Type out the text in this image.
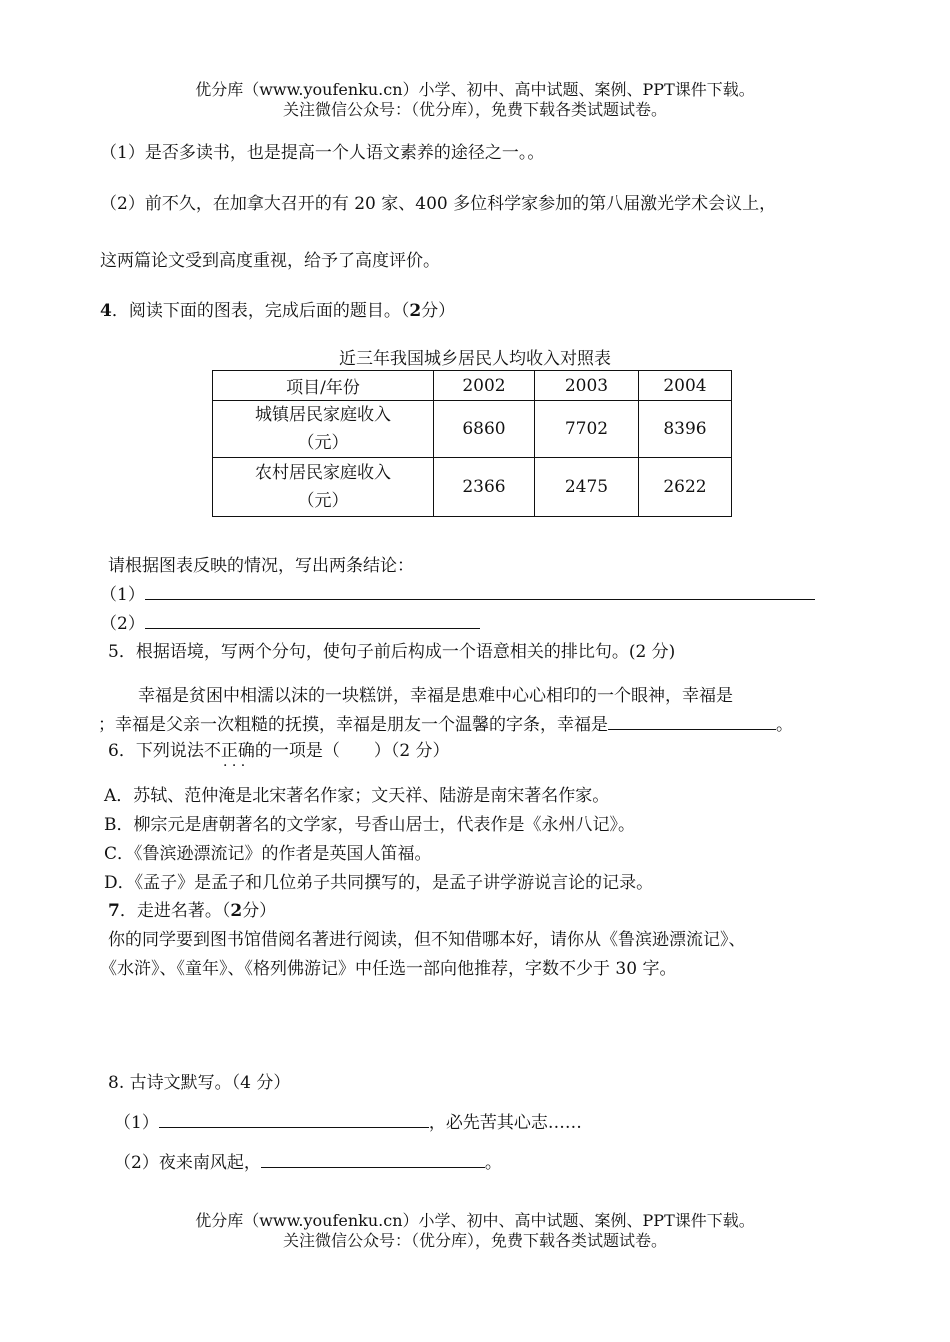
优分库（www.youfenku.cn）小学、初中、高中试题、案例、PPT课件下载。
关注微信公众号：（优分库），免费下载各类试题试卷。
（1）是否多读书，也是提高一个人语文素养的途径之一。。
（2）前不久，在加拿大召开的有 20 家、400 多位科学家参加的第八届激光学术会议上，
这两篇论文受到高度重视，给予了高度评价。
4．阅读下面的图表，完成后面的题目。（2分）
近三年我国城乡居民人均收入对照表
项目/年份	2002	2003	2004

城镇居民家庭收入
（元）	6860	7702	8396

农村居民家庭收入
（元）	2366	2475	2622
请根据图表反映的情况，写出两条结论：
（1）
（2）
5．根据语境，写两个分句，使句子前后构成一个语意相关的排比句。(2 分)
幸福是贫困中相濡以沫的一块糕饼，幸福是患难中心心相印的一个眼神，幸福是
；幸福是父亲一次粗糙的抚摸，幸福是朋友一个温馨的字条，幸福是	。
6．下列说法不正确的一项是（　　）（2 分）
· · ·
A．苏轼、范仲淹是北宋著名作家；文天祥、陆游是南宋著名作家。
B．柳宗元是唐朝著名的文学家，号香山居士，代表作是《永州八记》。
C．《鲁滨逊漂流记》的作者是英国人笛福。
D．《孟子》是孟子和几位弟子共同撰写的，是孟子讲学游说言论的记录。
7．走进名著。（2分）
你的同学要到图书馆借阅名著进行阅读，但不知借哪本好，请你从《鲁滨逊漂流记》、
《水浒》、《童年》、《格列佛游记》中任选一部向他推荐，字数不少于 30 字。
8. 古诗文默写。（4 分）
（1）	，必先苦其心志……
（2）夜来南风起，	。
优分库（www.youfenku.cn）小学、初中、高中试题、案例、PPT课件下载。
关注微信公众号：（优分库），免费下载各类试题试卷。
